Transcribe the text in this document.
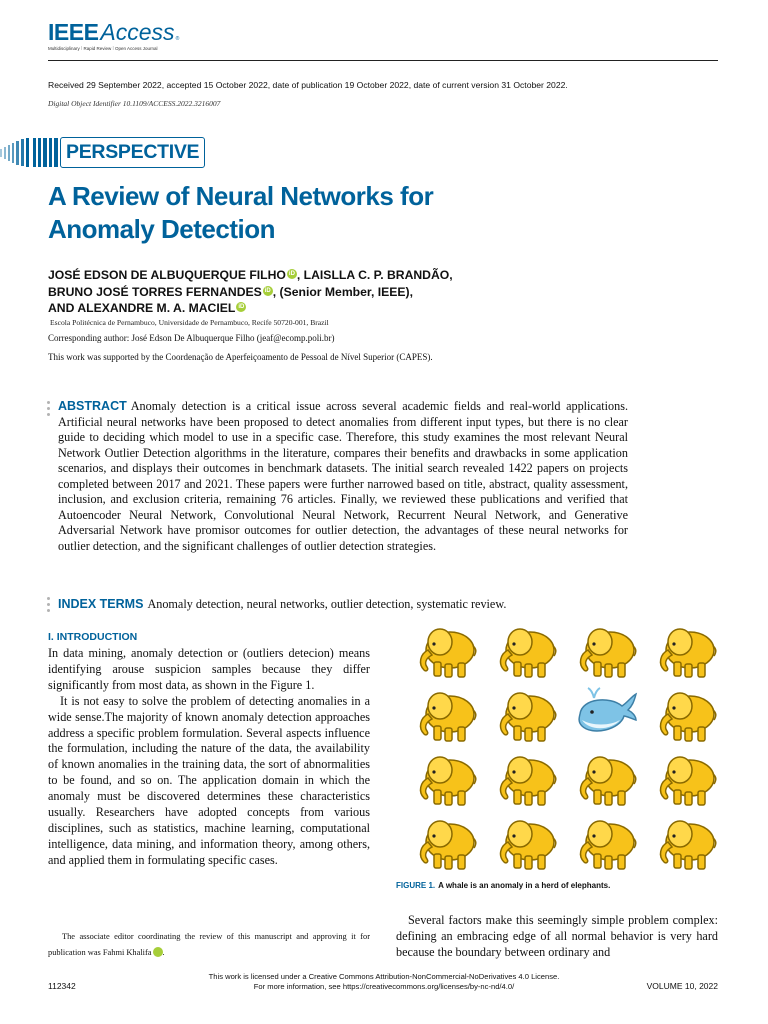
IEEE Access ®
Multidisciplinary ⁞ Rapid Review ⁞ Open Access Journal
Received 29 September 2022, accepted 15 October 2022, date of publication 19 October 2022, date of current version 31 October 2022.
Digital Object Identifier 10.1109/ACCESS.2022.3216007
PERSPECTIVE
A Review of Neural Networks for Anomaly Detection
JOSÉ EDSON DE ALBUQUERQUE FILHO iD , LAISLLA C. P. BRANDÃO,
BRUNO JOSÉ TORRES FERNANDES iD , (Senior Member, IEEE),
AND ALEXANDRE M. A. MACIEL iD
Escola Politécnica de Pernambuco, Universidade de Pernambuco, Recife 50720-001, Brazil
Corresponding author: José Edson De Albuquerque Filho (jeaf@ecomp.poli.br)
This work was supported by the Coordenação de Aperfeiçoamento de Pessoal de Nível Superior (CAPES).
ABSTRACT Anomaly detection is a critical issue across several academic fields and real-world applications. Artificial neural networks have been proposed to detect anomalies from different input types, but there is no clear guide to deciding which model to use in a specific case. Therefore, this study examines the most relevant Neural Network Outlier Detection algorithms in the literature, compares their benefits and drawbacks in some application scenarios, and displays their outcomes in benchmark datasets. The initial search revealed 1422 papers on projects completed between 2017 and 2021. These papers were further narrowed based on title, abstract, quality assessment, inclusion, and exclusion criteria, remaining 76 articles. Finally, we reviewed these publications and verified that Autoencoder Neural Network, Convolutional Neural Network, Recurrent Neural Network, and Generative Adversarial Network have promisor outcomes for outlier detection, the advantages of these neural networks for outlier detection, and the significant challenges of outlier detection strategies.
INDEX TERMS Anomaly detection, neural networks, outlier detection, systematic review.
I. INTRODUCTION

In data mining, anomaly detection or (outliers detecion) means identifying arouse suspicion samples because they differ significantly from most data, as shown in the Figure 1.

It is not easy to solve the problem of detecting anomalies in a wide sense.The majority of known anomaly detection approaches address a specific problem formulation. Several aspects influence the formulation, including the nature of the data, the availability of known anomalies in the training data, the sort of abnormalities to be found, and so on. The application domain in which the anomaly must be discovered determines these characteristics usually. Researchers have adopted concepts from various disciplines, such as statistics, machine learning, computational intelligence, data mining, and information theory, among others, and applied them in formulating specific cases.

FIGURE 1. A whale is an anomaly in a herd of elephants.
Several factors make this seemingly simple problem complex: defining an embracing edge of all normal behavior is very hard because the boundary between ordinary and
The associate editor coordinating the review of this manuscript and approving it for publication was Fahmi Khalifa	iD.
This work is licensed under a Creative Commons Attribution-NonCommercial-NoDerivatives 4.0 License.
For more information, see https://creativecommons.org/licenses/by-nc-nd/4.0/
112342	VOLUME 10, 2022
